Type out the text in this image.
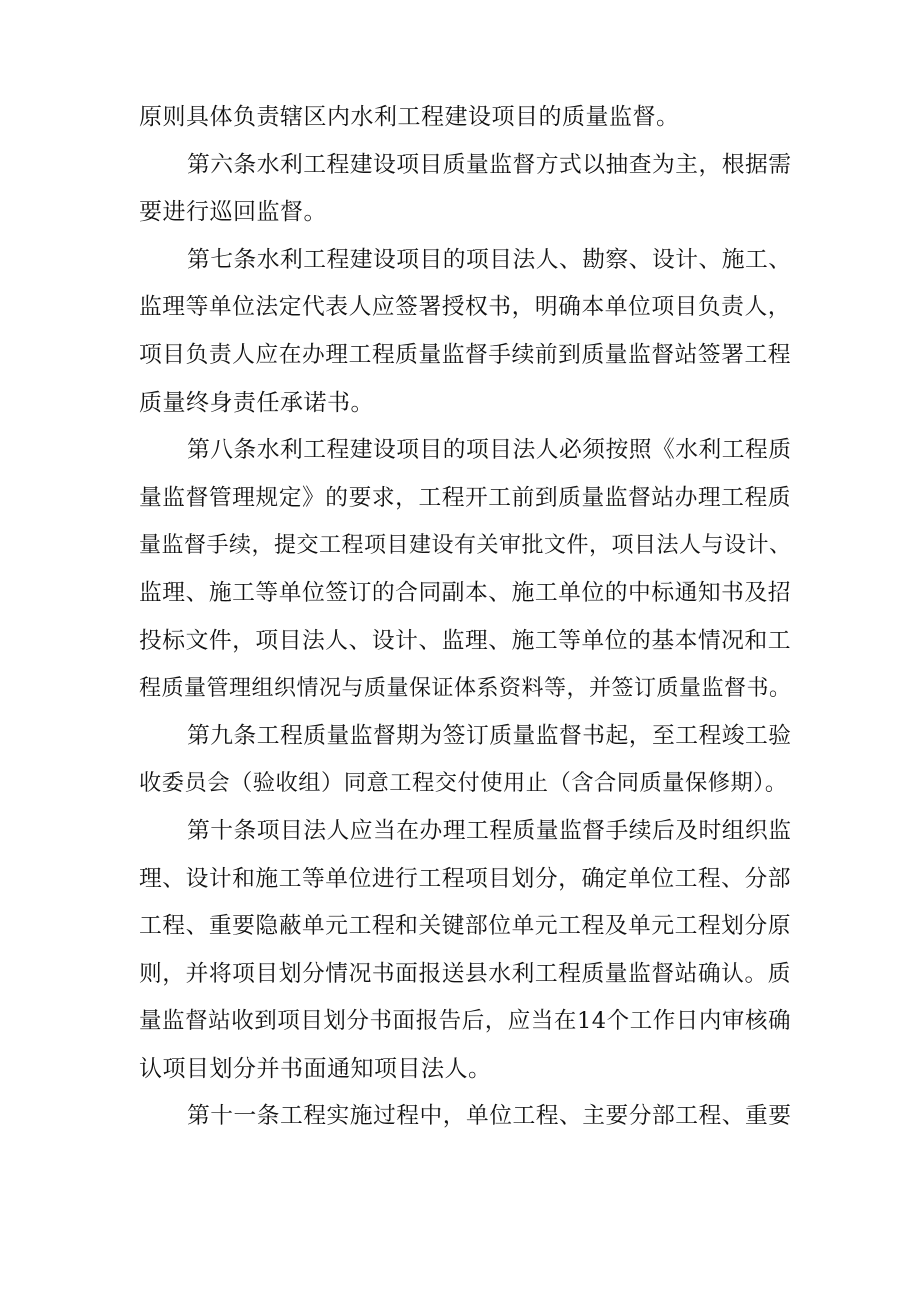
原则具体负责辖区内水利工程建设项目的质量监督。
第六条水利工程建设项目质量监督方式以抽查为主，根据需
要进行巡回监督。
第七条水利工程建设项目的项目法人、勘察、设计、施工、
监理等单位法定代表人应签署授权书，明确本单位项目负责人，
项目负责人应在办理工程质量监督手续前到质量监督站签署工程
质量终身责任承诺书。
第八条水利工程建设项目的项目法人必须按照《水利工程质
量监督管理规定》的要求，工程开工前到质量监督站办理工程质
量监督手续，提交工程项目建设有关审批文件，项目法人与设计、
监理、施工等单位签订的合同副本、施工单位的中标通知书及招
投标文件，项目法人、设计、监理、施工等单位的基本情况和工
程质量管理组织情况与质量保证体系资料等，并签订质量监督书。
第九条工程质量监督期为签订质量监督书起，至工程竣工验
收委员会（验收组）同意工程交付使用止（含合同质量保修期）。
第十条项目法人应当在办理工程质量监督手续后及时组织监
理、设计和施工等单位进行工程项目划分，确定单位工程、分部
工程、重要隐蔽单元工程和关键部位单元工程及单元工程划分原
则，并将项目划分情况书面报送县水利工程质量监督站确认。质
量监督站收到项目划分书面报告后，应当在14个工作日内审核确
认项目划分并书面通知项目法人。
第十一条工程实施过程中，单位工程、主要分部工程、重要
